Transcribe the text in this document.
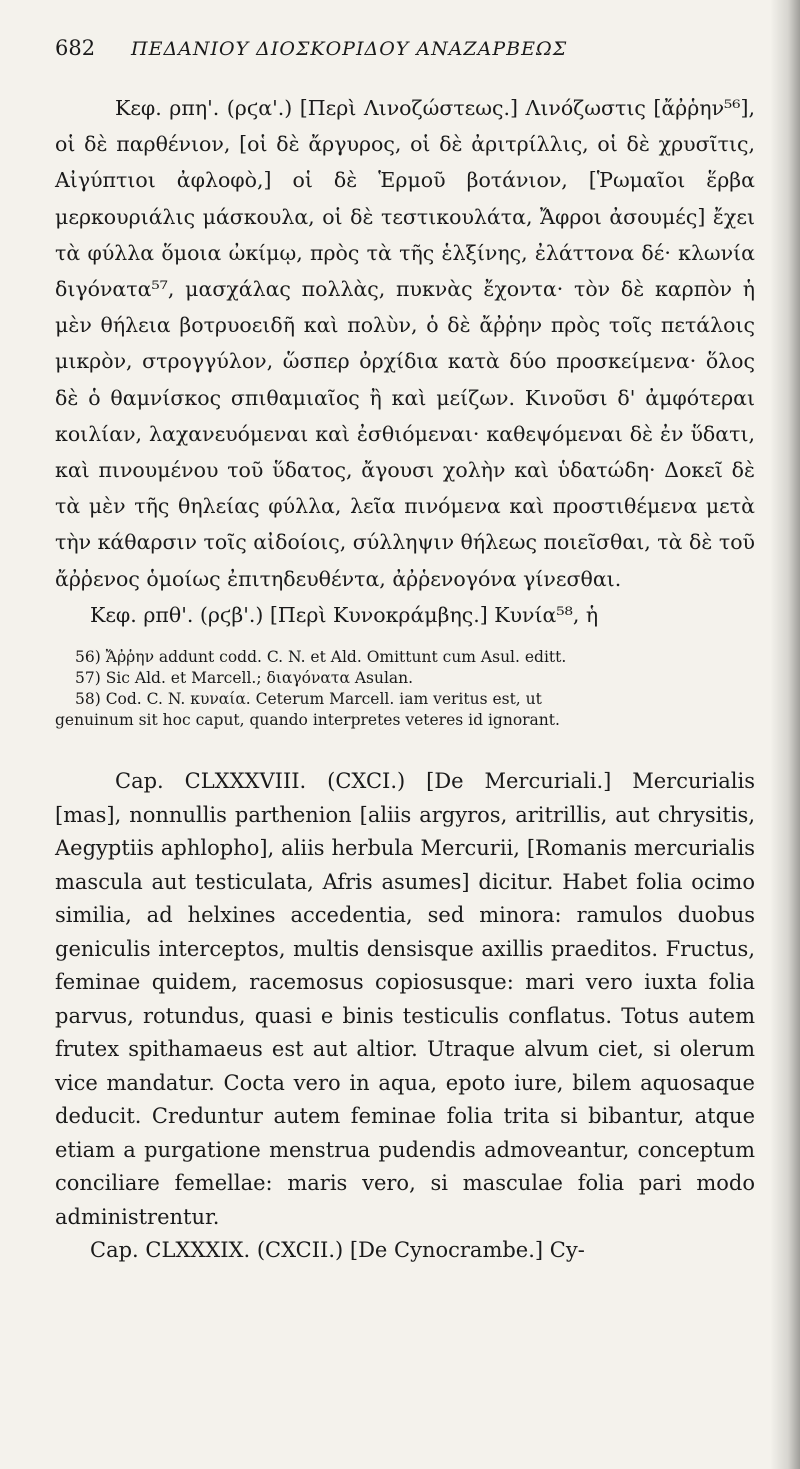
682	ΠΕΔΑΝΙΟΥ ΔΙΟΣΚΟΡΙΔΟΥ ΑΝΑΖΑΡΒΕΩΣ

Κεφ. ρπη'. (ρϛα'.) [Περὶ Λινοζώστεως.] Λινόζωστις [ἄῤῥην⁵⁶], οἱ δὲ παρθένιον, [οἱ δὲ ἄργυρος, οἱ δὲ ἀριτρίλλις, οἱ δὲ χρυσῖτις, Αἰγύπτιοι ἀφλοφὸ,] οἱ δὲ Ἑρμοῦ βοτάνιον, [Ῥωμαῖοι ἕρβα μερκουριάλις μάσκουλα, οἱ δὲ τεστικουλάτα, Ἄφροι ἀσουμές] ἔχει τὰ φύλλα ὅμοια ὠκίμῳ, πρὸς τὰ τῆς ἑλξίνης, ἐλάττονα δέ· κλωνία διγόνατα⁵⁷, μασχάλας πολλὰς, πυκνὰς ἔχοντα· τὸν δὲ καρπὸν ἡ μὲν θήλεια βοτρυοειδῆ καὶ πολὺν, ὁ δὲ ἄῤῥην πρὸς τοῖς πετάλοις μικρὸν, στρογγύλον, ὥσπερ ὀρχίδια κατὰ δύο προσκείμενα· ὅλος δὲ ὁ θαμνίσκος σπιθαμιαῖος ἢ καὶ μείζων. Κινοῦσι δ' ἀμφότεραι κοιλίαν, λαχανευόμεναι καὶ ἐσθιόμεναι· καθεψόμεναι δὲ ἐν ὕδατι, καὶ πινουμένου τοῦ ὕδατος, ἄγουσι χολὴν καὶ ὑδατώδη· Δοκεῖ δὲ τὰ μὲν τῆς θηλείας φύλλα, λεῖα πινόμενα καὶ προστιθέμενα μετὰ τὴν κάθαρσιν τοῖς αἰδοίοις, σύλληψιν θήλεως ποιεῖσθαι, τὰ δὲ τοῦ ἄῤῥενος ὁμοίως ἐπιτηδευθέντα, ἀῤῥενογόνα γίνεσθαι.

Κεφ. ρπθ'. (ρϛβ'.) [Περὶ Κυνοκράμβης.] Κυνία⁵⁸, ἡ

56) Ἄῤῥην addunt codd. C. N. et Ald. Omittunt cum Asul. editt.

57) Sic Ald. et Marcell.; διαγόνατα Asulan.

58) Cod. C. N. κυναία. Ceterum Marcell. iam veritus est, ut

genuinum sit hoc caput, quando interpretes veteres id ignorant.

Cap. CLXXXVIII. (CXCI.) [De Mercuriali.] Mercurialis [mas], nonnullis parthenion [aliis argyros, aritrillis, aut chrysitis, Aegyptiis aphlopho], aliis herbula Mercurii, [Romanis mercurialis mascula aut testiculata, Afris asumes] dicitur. Habet folia ocimo similia, ad helxines accedentia, sed minora: ramulos duobus geniculis interceptos, multis densisque axillis praeditos. Fructus, feminae quidem, racemosus copiosusque: mari vero iuxta folia parvus, rotundus, quasi e binis testiculis conflatus. Totus autem frutex spithamaeus est aut altior. Utraque alvum ciet, si olerum vice mandatur. Cocta vero in aqua, epoto iure, bilem aquosaque deducit. Creduntur autem feminae folia trita si bibantur, atque etiam a purgatione menstrua pudendis admoveantur, conceptum conciliare femellae: maris vero, si masculae folia pari modo administrentur.

Cap. CLXXXIX. (CXCII.) [De Cynocrambe.] Cy-
